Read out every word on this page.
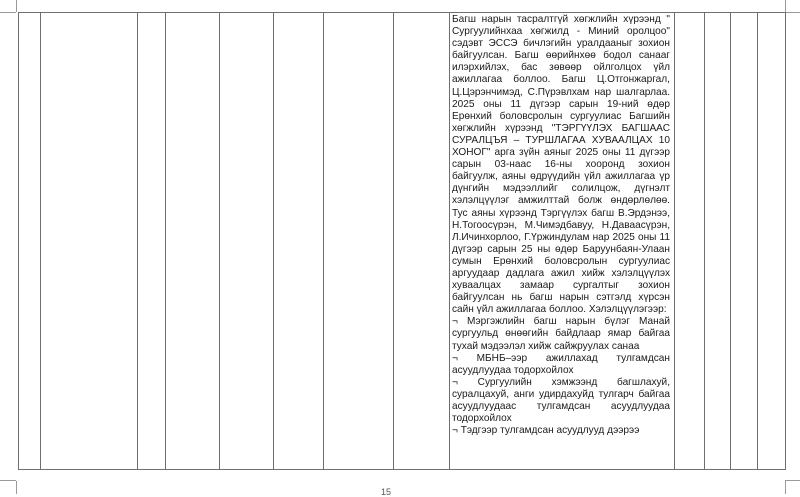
Багш нарын тасралтгүй хөгжлийн хүрээнд " Сургуулийнхаа хөгжилд - Миний оролцоо" сэдэвт ЭССЭ бичлэгийн уралдааныг зохион байгуулсан. Багш өөрийнхөө бодол санааг илэрхийлэх, бас зөвөөр ойлголцох үйл ажиллагаа боллоо. Багш Ц.Отгонжаргал, Ц.Цэрэнчимэд, С.Пүрэвлхам нар шалгарлаа. 2025 оны 11 дүгээр сарын 19-ний өдөр Ерөнхий боловсролын сургуулиас Багшийн хөгжлийн хүрээнд "ТЭРГҮҮЛЭХ БАГШААС СУРАЛЦЪЯ – ТУРШЛАГАА ХУВААЛЦАХ 10 ХОНОГ" арга зүйн аяныг 2025 оны 11 дүгээр сарын 03-наас 16-ны хооронд зохион байгуулж, аяны өдрүүдийн үйл ажиллагаа үр дүнгийн мэдээллийг солилцож, дүгнэлт хэлэлцүүлэг амжилттай болж өндөрлөлөө. Тус аяны хүрээнд Тэргүүлэх багш В.Эрдэнээ, Н.Тогоосүрэн, М.Чимэдбавуу, Н.Даваасүрэн, Л.Ичинхорлоо, Г.Үржиндулам нар 2025 оны 11 дүгээр сарын 25 ны өдөр Баруунбаян-Улаан сумын Ерөнхий боловсролын сургуулиас аргуудаар дадлага ажил хийж хэлэлцүүлэх хуваалцах замаар сургалтыг зохион байгуулсан нь багш нарын сэтгэлд хүрсэн сайн үйл ажиллагаа боллоо. Хэлэлцүүлэгээр:

¬ Мэргэжлийн багш нарын бүлэг Манай сургуульд өнөөгийн байдлаар ямар байгаа тухай мэдээлэл хийж сайжруулах санаа

¬ МБНБ–ээр ажиллахад тулгамдсан асуудлуудаа тодорхойлох

¬ Сургуулийн хэмжээнд багшлахуй, суралцахуй, анги удирдахуйд тулгарч байгаа асуудлуудаас тулгамдсан асуудлуудаа тодорхойлох

¬ Тэдгээр тулгамдсан асуудлууд дээрээ

15
